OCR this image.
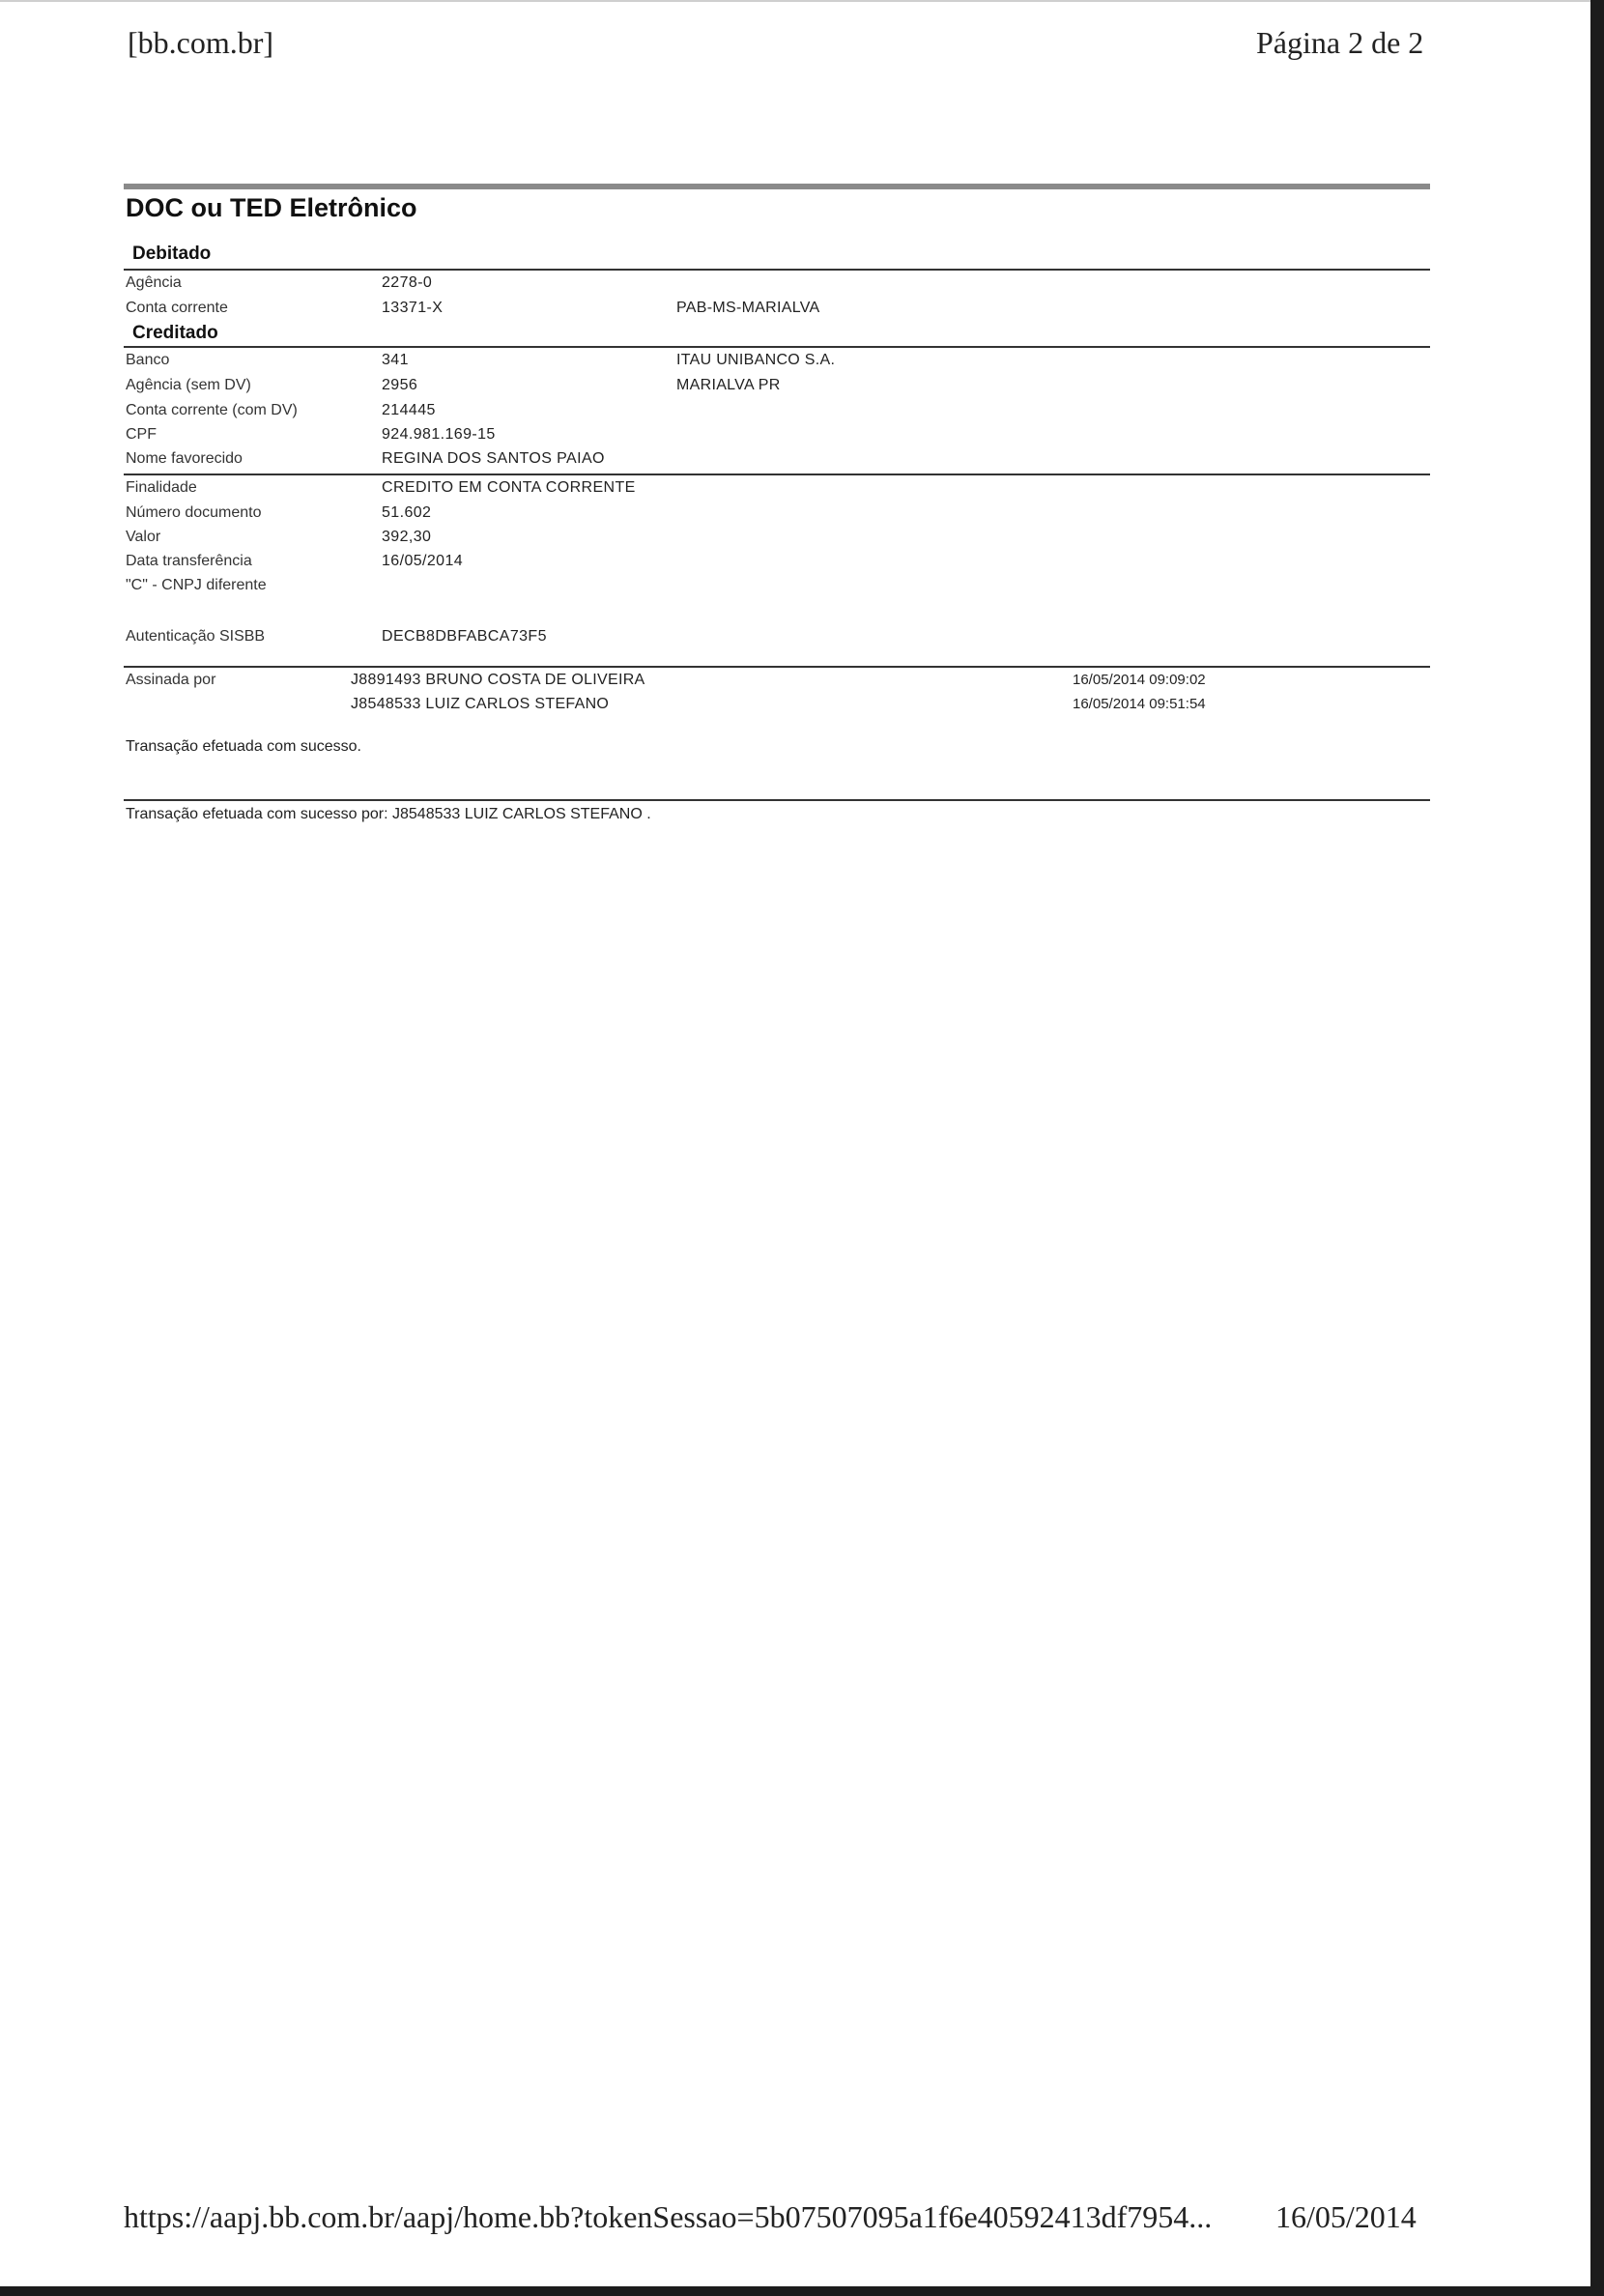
[bb.com.br]	Página 2 de 2
DOC ou TED Eletrônico
Debitado
Agência	2278-0
Conta corrente	13371-X	PAB-MS-MARIALVA
Creditado
Banco	341	ITAU UNIBANCO S.A.
Agência (sem DV)	2956	MARIALVA PR
Conta corrente (com DV)	214445
CPF	924.981.169-15
Nome favorecido	REGINA DOS SANTOS PAIAO
Finalidade	CREDITO EM CONTA CORRENTE
Número documento	51.602
Valor	392,30
Data transferência	16/05/2014
"C" - CNPJ diferente
Autenticação SISBB	DECB8DBFABCA73F5
Assinada por	J8891493 BRUNO COSTA DE OLIVEIRA	16/05/2014 09:09:02
J8548533 LUIZ CARLOS STEFANO	16/05/2014 09:51:54
Transação efetuada com sucesso.
Transação efetuada com sucesso por: J8548533 LUIZ CARLOS STEFANO .
https://aapj.bb.com.br/aapj/home.bb?tokenSessao=5b07507095a1f6e40592413df7954... 16/05/2014
